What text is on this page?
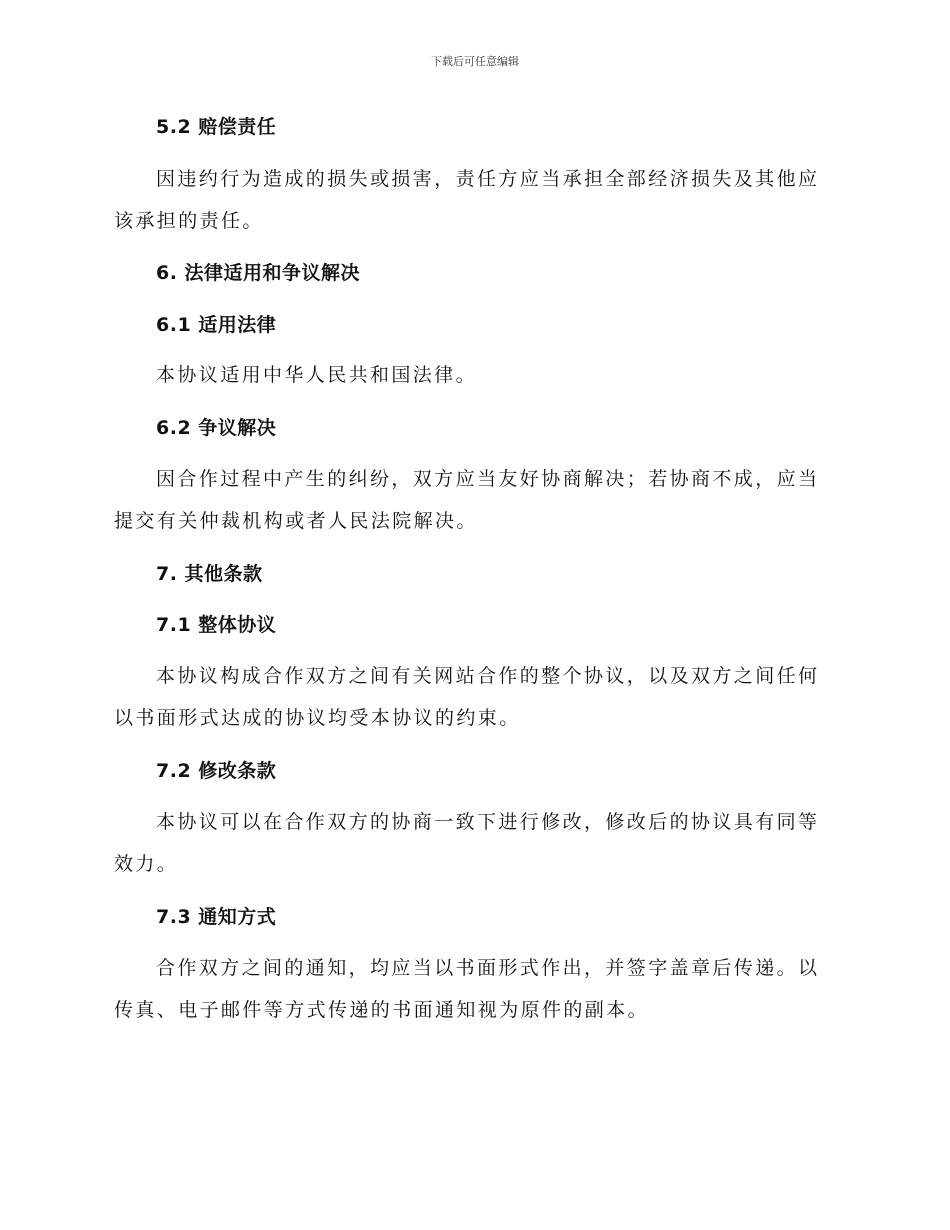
下载后可任意编辑
5.2 赔偿责任
因违约行为造成的损失或损害，责任方应当承担全部经济损失及其他应该承担的责任。
6. 法律适用和争议解决
6.1 适用法律
本协议适用中华人民共和国法律。
6.2 争议解决
因合作过程中产生的纠纷，双方应当友好协商解决；若协商不成，应当提交有关仲裁机构或者人民法院解决。
7. 其他条款
7.1 整体协议
本协议构成合作双方之间有关网站合作的整个协议，以及双方之间任何以书面形式达成的协议均受本协议的约束。
7.2 修改条款
本协议可以在合作双方的协商一致下进行修改，修改后的协议具有同等效力。
7.3 通知方式
合作双方之间的通知，均应当以书面形式作出，并签字盖章后传递。以传真、电子邮件等方式传递的书面通知视为原件的副本。
